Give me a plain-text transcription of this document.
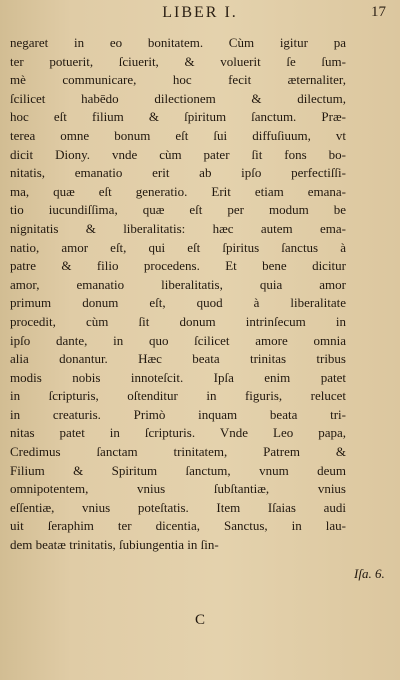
LIBER I.	17
negaret in eo bonitatem. Cùm igitur pa
ter potuerit, ſciuerit, & voluerit ſe ſum-
mè communicare, hoc fecit æternaliter,
ſcilicet habēdo dilectionem & dilectum,
hoc eſt filium & ſpiritum ſanctum. Præ-
terea omne bonum eſt ſui diffuſiuum, vt
dicit Diony. vnde cùm pater ſit fons bo-
nitatis, emanatio erit ab ipſo perfectiſſi-
ma, quæ eſt generatio. Erit etiam emana-
tio iucundiſſima, quæ eſt per modum be
nignitatis & liberalitatis: hæc autem ema-
natio, amor eſt, qui eſt ſpiritus ſanctus à
patre & filio procedens. Et bene dicitur
amor, emanatio liberalitatis, quia amor
primum donum eſt, quod à liberalitate
procedit, cùm ſit donum intrinſecum in
ipſo dante, in quo ſcilicet amore omnia
alia donantur. Hæc beata trinitas tribus
modis nobis innoteſcit. Ipſa enim patet
in ſcripturis, oſtenditur in figuris, relucet
in creaturis. Primò inquam beata tri-
nitas patet in ſcripturis. Vnde Leo papa,
Credimus ſanctam trinitatem, Patrem &
Filium & Spiritum ſanctum, vnum deum
omnipotentem, vnius ſubſtantiæ, vnius
eſſentiæ, vnius poteſtatis. Item Iſaias audi
uit ſeraphim ter dicentia, Sanctus, in lau-
dem beatæ trinitatis, ſubiungentia in ſin-
Iſa. 6.
C
